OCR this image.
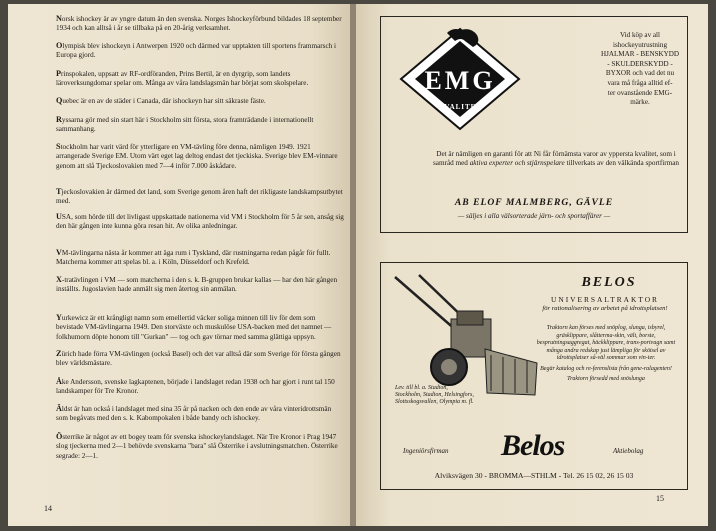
Norsk ishockey är av yngre datum än den svenska. Norges Ishockeyförbund bildades 18 september 1934 och kan alltså i år se tillbaka på en 20-årig verksamhet.

Olympisk blev ishockeyn i Antwerpen 1920 och därmed var upptakten till sportens frammarsch i Europa gjord.

Prinspokalen, uppsatt av RF-ordföranden, Prins Bertil, är en dyrgrip, som landets läroverksungdomar spelar om. Många av våra landslagsmän har börjat som skolspelare.

Quebec är en av de städer i Canada, där ishockeyn har sitt säkraste fäste.

Ryssarna gör med sin start här i Stockholm sitt första, stora framträdande i internationellt sammanhang.

Stockholm har varit värd för ytterligare en VM-tävling före denna, nämligen 1949. 1921 arrangerade Sverige EM. Utom värt eget lag deltog endast det tjeckiska. Sverige blev EM-vinnare genom att slå Tjeckoslovakien med 7—4 inför 7.000 åskådare.

Tjeckoslovakien är därmed det land, som Sverige genom åren haft det rikligaste landskampsutbytet med.

USA, som hörde till det livligast uppskattade nationerna vid VM i Stockholm för 5 år sen, ansåg sig den här gången inte kunna göra resan hit. Av olika anledningar.

VM-tävlingarna nästa år kommer att äga rum i Tyskland, där rustningarna redan pågår för fullt. Matcherna kommer att spelas bl. a. i Köln, Düsseldorf och Krefeld.

X-tratävlingen i VM — som matcherna i den s. k. B-gruppen brukar kallas — har den här gången inställts. Jugoslavien hade anmält sig men återtog sin anmälan.

Yurkewicz är ett krångligt namn som emellertid väcker soliga minnen till liv för dem som bevistade VM-tävlingarna 1949. Den storväxte och muskulöse USA-backen med det namnet — folkhumorn döpte honom till "Gurkan" — tog och gav törnar med samma glättiga uppsyn.

Zürich hade förra VM-tävlingen (också Basel) och det var alltså där som Sverige för första gången blev världsmästare.

Åke Andersson, svenske lagkaptenen, började i landslaget redan 1938 och har gjort i runt tal 150 landskamper för Tre Kronor.

Äldst är han också i landslaget med sina 35 år på nacken och den ende av våra vinteridrottsmän som begåvats med den s. k. Kabompokalen i både bandy och ishockey.

Österrike är något av ett bogey team för svenska ishockeylandslaget. När Tre Kronor i Prag 1947 slog tjeckerna med 2—1 behövde svenskarna "bara" slå Österrike i avslutningsmatchen. Österrike segrade: 2—1.

14
EMG
KVALITET
Vid köp av all
ishockeyutrustning
HJALMAR - BENSKYDD
- SKULDERSKYDD -
BYXOR och vad det nu
vara må fråga alltid ef-
ter ovanstående EMG-
märke.
Det är nämligen en garanti för att Ni får förnämsta varor av yppersta kvalitet, som i samråd med aktiva experter och stjärnspelare tillverkats av den välkända sportfirman
AB ELOF MALMBERG, GÄVLE
— säljes i alla välsorterade järn- och sportaffärer —
BELOS
UNIVERSALTRAKTOR
för rationalisering av arbetet på idrottsplatsen!
Traktorn kan förses med snöplog, slunga, isbyrel, gräsklippare, slåtterma-skin, vält, borste, besprutningsaggregat, häckklippare, trans-portvagn samt många andra redskap just lämpliga för skötsel av idrottsplatser så-väl sommar som vin-ter.
Begär katalog och re-ferenslista från gene-ralagenten!
Traktorn försedd med snöslunga
Lev. till bl. a. Stadion, Stockholm, Stadion, Helsingfors, Slottsskogsvallen, Olympia m. fl.
Ingeniörsfirman Belos	Aktiebolag
Alviksvägen 30 - BROMMA—STHLM - Tel. 26 15 02, 26 15 03
15
